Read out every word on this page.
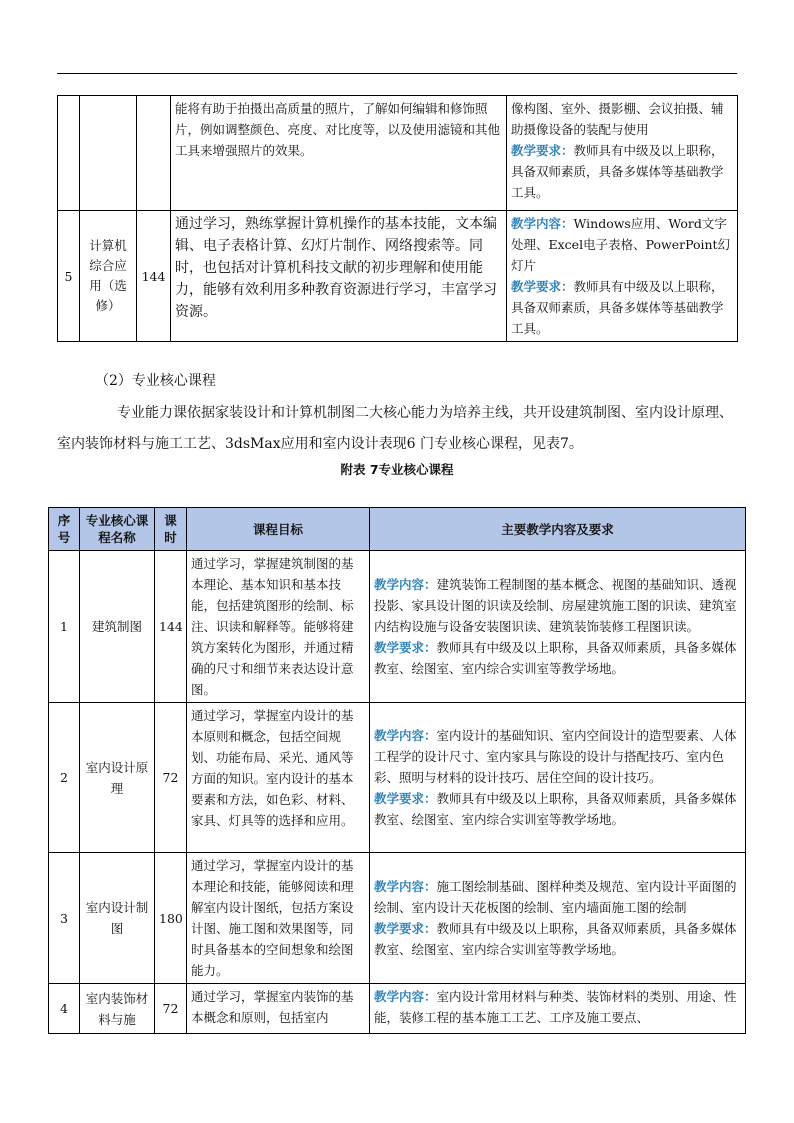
			能将有助于拍摄出高质量的照片，了解如何编辑和修饰照片，例如调整颜色、亮度、对比度等，以及使用滤镜和其他工具来增强照片的效果。	像构图、室外、摄影棚、会议拍摄、辅助摄像设备的装配与使用
教学要求：教师具有中级及以上职称，具备双师素质，具备多媒体等基础教学工具。
5	计算机综合应用（选修）	144	通过学习，熟练掌握计算机操作的基本技能，文本编辑、电子表格计算、幻灯片制作、网络搜索等。同时，也包括对计算机科技文献的初步理解和使用能力，能够有效利用多种教育资源进行学习，丰富学习资源。	教学内容：Windows应用、Word文字处理、Excel电子表格、PowerPoint幻灯片
教学要求：教师具有中级及以上职称，具备双师素质，具备多媒体等基础教学工具。
（2）专业核心课程
专业能力课依据家装设计和计算机制图二大核心能力为培养主线，共开设建筑制图、室内设计原理、室内装饰材料与施工工艺、3dsMax应用和室内设计表现6 门专业核心课程，见表7。
附表 7专业核心课程
序号	专业核心课程名称	课时	课程目标	主要教学内容及要求
1	建筑制图	144	通过学习，掌握建筑制图的基本理论、基本知识和基本技能，包括建筑图形的绘制、标注、识读和解释等。能够将建筑方案转化为图形，并通过精确的尺寸和细节来表达设计意图。	教学内容：建筑装饰工程制图的基本概念、视图的基础知识、透视投影、家具设计图的识读及绘制、房屋建筑施工图的识读、建筑室内结构设施与设备安装图识读、建筑装饰装修工程图识读。
教学要求：教师具有中级及以上职称，具备双师素质，具备多媒体教室、绘图室、室内综合实训室等教学场地。
2	室内设计原理	72	通过学习，掌握室内设计的基本原则和概念，包括空间规划、功能布局、采光、通风等方面的知识。室内设计的基本要素和方法，如色彩、材料、家具、灯具等的选择和应用。	教学内容：室内设计的基础知识、室内空间设计的造型要素、人体工程学的设计尺寸、室内家具与陈设的设计与搭配技巧、室内色彩、照明与材料的设计技巧、居住空间的设计技巧。
教学要求：教师具有中级及以上职称，具备双师素质，具备多媒体教室、绘图室、室内综合实训室等教学场地。
3	室内设计制图	180	通过学习，掌握室内设计的基本理论和技能，能够阅读和理解室内设计图纸，包括方案设计图、施工图和效果图等，同时具备基本的空间想象和绘图能力。	教学内容：施工图绘制基础、图样种类及规范、室内设计平面图的绘制、室内设计天花板图的绘制、室内墙面施工图的绘制
教学要求：教师具有中级及以上职称，具备双师素质，具备多媒体教室、绘图室、室内综合实训室等教学场地。
4	室内装饰材料与施	72	通过学习，掌握室内装饰的基本概念和原则，包括室内	教学内容：室内设计常用材料与种类、装饰材料的类别、用途、性能，装修工程的基本施工工艺、工序及施工要点、
